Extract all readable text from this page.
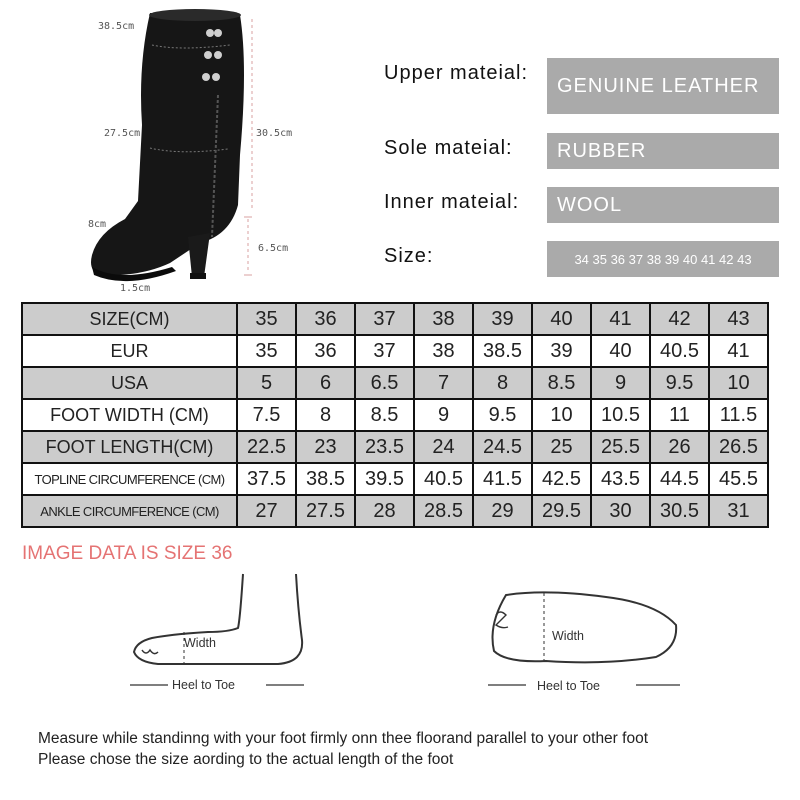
38.5cm
27.5cm	30.5cm
8cm
6.5cm
1.5cm
Upper mateial:
GENUINE LEATHER
Sole mateial:	RUBBER
Inner mateial:	WOOL
Size:	34 35 36 37 38 39 40 41 42 43
SIZE(CM)	35	36	37	38	39	40	41	42	43
EUR	35	36	37	38	38.5	39	40	40.5	41
USA	5	6	6.5	7	8	8.5	9	9.5	10
FOOT WIDTH (CM)	7.5	8	8.5	9	9.5	10	10.5	11	11.5
FOOT LENGTH(CM)	22.5	23	23.5	24	24.5	25	25.5	26	26.5
TOPLINE CIRCUMFERENCE (CM)	37.5	38.5	39.5	40.5	41.5	42.5	43.5	44.5	45.5
ANKLE CIRCUMFERENCE (CM)	27	27.5	28	28.5	29	29.5	30	30.5	31
IMAGE DATA IS SIZE 36
Width
Heel to Toe
Width
Heel to Toe
Measure while standinng with your foot firmly onn thee floorand parallel to your other foot
Please chose the size aording to the actual length of the foot
